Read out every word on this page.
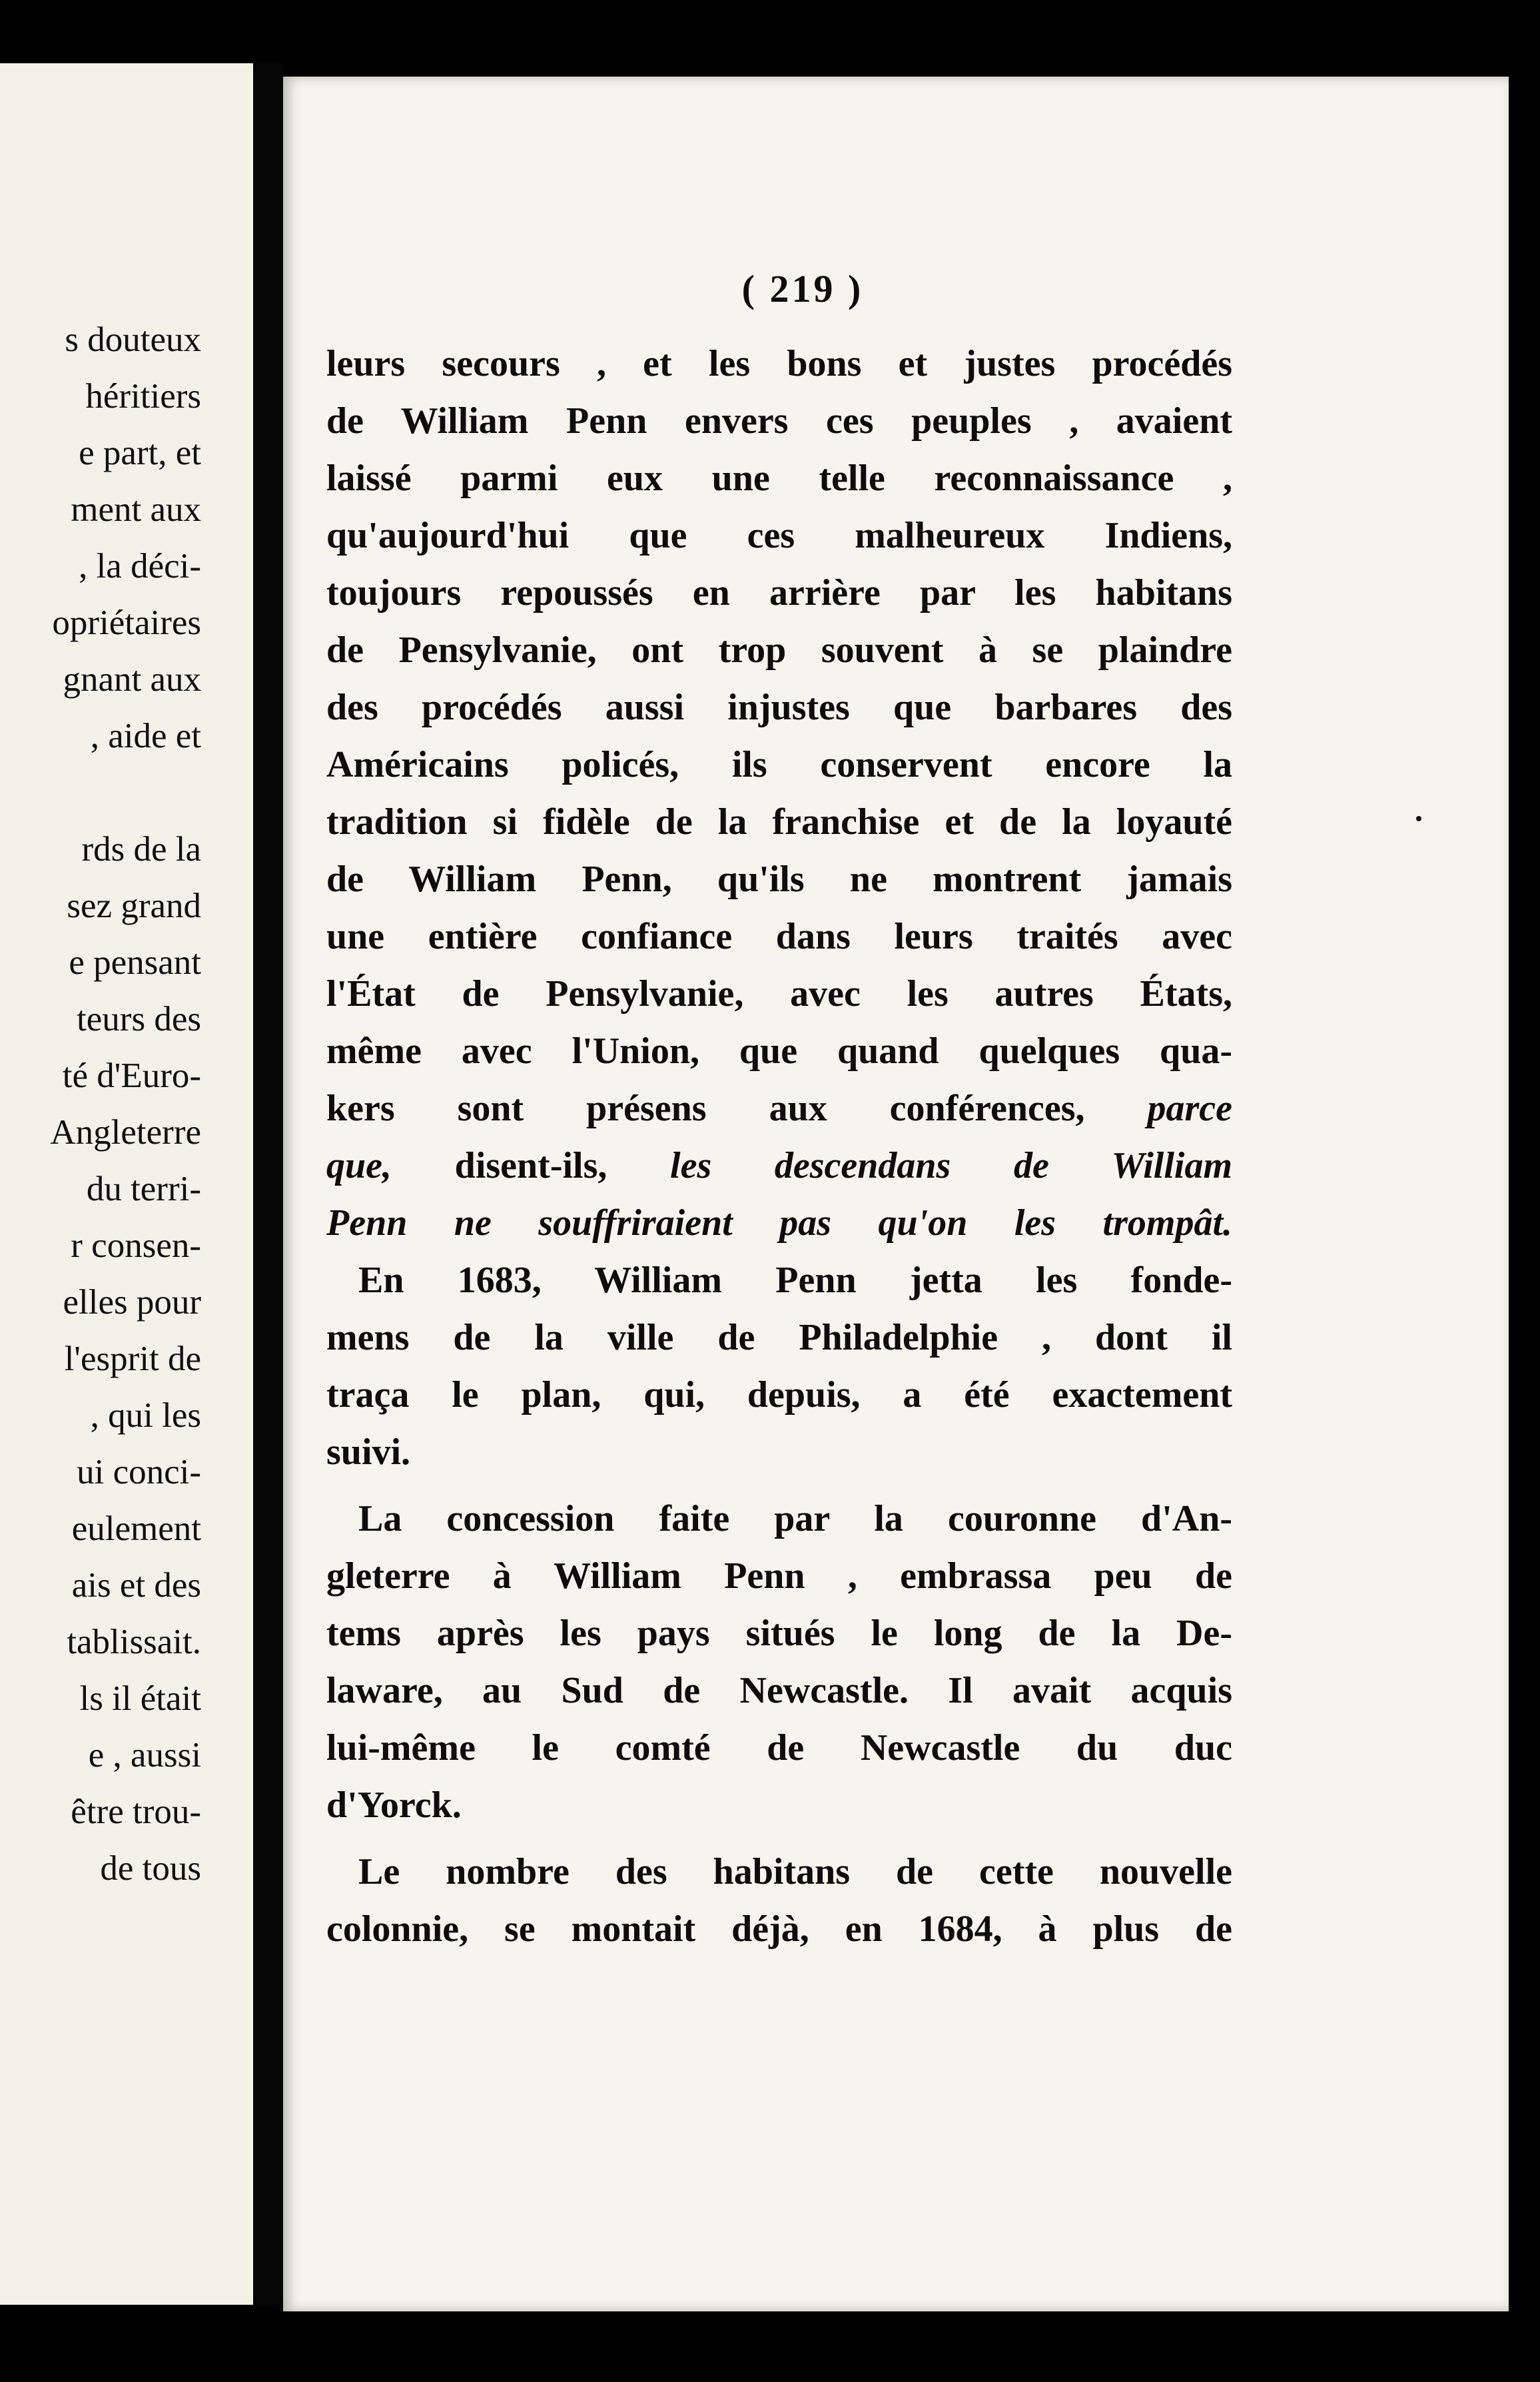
s douteux
héritiers
e part, et
ment aux
, la déci-
opriétaires
gnant aux
, aide et
rds de la
sez grand
e pensant
teurs des
té d'Euro-
Angleterre
du terri-
r consen-
elles pour
l'esprit de
, qui les
ui conci-
eulement
ais et des
tablissait.
ls il était
e , aussi
être trou-
de tous
( 219 )
leurs secours , et les bons et justes procédés
de William Penn envers ces peuples , avaient
laissé parmi eux une telle reconnaissance ,
qu'aujourd'hui que ces malheureux Indiens,
toujours repoussés en arrière par les habitans
de Pensylvanie, ont trop souvent à se plaindre
des procédés aussi injustes que barbares des
Américains policés, ils conservent encore la
tradition si fidèle de la franchise et de la loyauté
de William Penn, qu'ils ne montrent jamais
une entière confiance dans leurs traités avec
l'État de Pensylvanie, avec les autres États,
même avec l'Union, que quand quelques qua-
kers sont présens aux conférences, parce
que, disent-ils, les descendans de William
Penn ne souffriraient pas qu'on les trompât.
En 1683, William Penn jetta les fonde-
mens de la ville de Philadelphie , dont il
traça le plan, qui, depuis, a été exactement
suivi.
La concession faite par la couronne d'An-
gleterre à William Penn , embrassa peu de
tems après les pays situés le long de la De-
laware, au Sud de Newcastle. Il avait acquis
lui-même le comté de Newcastle du duc
d'Yorck.
Le nombre des habitans de cette nouvelle
colonnie, se montait déjà, en 1684, à plus de
